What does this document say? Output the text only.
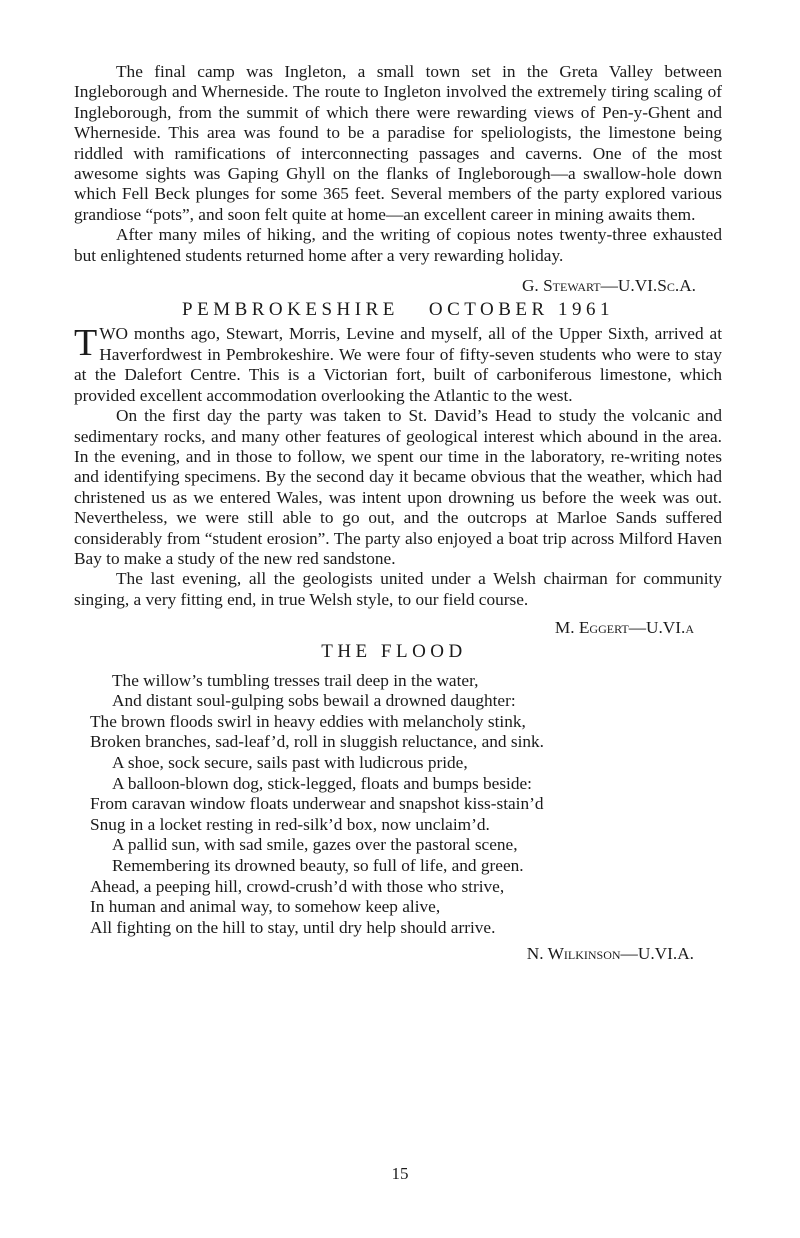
The final camp was Ingleton, a small town set in the Greta Valley between Ingleborough and Wherneside. The route to Ingleton involved the extremely tiring scaling of Ingleborough, from the summit of which there were rewarding views of Pen-y-Ghent and Wherneside. This area was found to be a paradise for speliologists, the limestone being riddled with ramifications of interconnecting passages and caverns. One of the most awesome sights was Gaping Ghyll on the flanks of Ingleborough—a swallow-hole down which Fell Beck plunges for some 365 feet. Several members of the party explored various grandiose “pots”, and soon felt quite at home—an excellent career in mining awaits them.

After many miles of hiking, and the writing of copious notes twenty-three exhausted but enlightened students returned home after a very rewarding holiday.

G. Stewart—U.VI.Sc.A.
PEMBROKESHIRE OCTOBER 1961

TWO months ago, Stewart, Morris, Levine and myself, all of the Upper Sixth, arrived at Haverfordwest in Pembrokeshire. We were four of fifty-seven students who were to stay at the Dalefort Centre. This is a Victorian fort, built of carboniferous limestone, which provided excellent accommodation overlooking the Atlantic to the west.

On the first day the party was taken to St. David’s Head to study the volcanic and sedimentary rocks, and many other features of geological interest which abound in the area. In the evening, and in those to follow, we spent our time in the laboratory, re-writing notes and identifying specimens. By the second day it became obvious that the weather, which had christened us as we entered Wales, was intent upon drowning us before the week was out. Nevertheless, we were still able to go out, and the outcrops at Marloe Sands suffered considerably from “student erosion”. The party also enjoyed a boat trip across Milford Haven Bay to make a study of the new red sandstone.

The last evening, all the geologists united under a Welsh chairman for community singing, a very fitting end, in true Welsh style, to our field course.

M. Eggert—U.VI.a
THE FLOOD
The willow’s tumbling tresses trail deep in the water,
And distant soul-gulping sobs bewail a drowned daughter:
The brown floods swirl in heavy eddies with melancholy stink,
Broken branches, sad-leaf’d, roll in sluggish reluctance, and sink.
A shoe, sock secure, sails past with ludicrous pride,
A balloon-blown dog, stick-legged, floats and bumps beside:
From caravan window floats underwear and snapshot kiss-stain’d
Snug in a locket resting in red-silk’d box, now unclaim’d.
A pallid sun, with sad smile, gazes over the pastoral scene,
Remembering its drowned beauty, so full of life, and green.
Ahead, a peeping hill, crowd-crush’d with those who strive,
In human and animal way, to somehow keep alive,
All fighting on the hill to stay, until dry help should arrive.
N. Wilkinson—U.VI.A.
15
